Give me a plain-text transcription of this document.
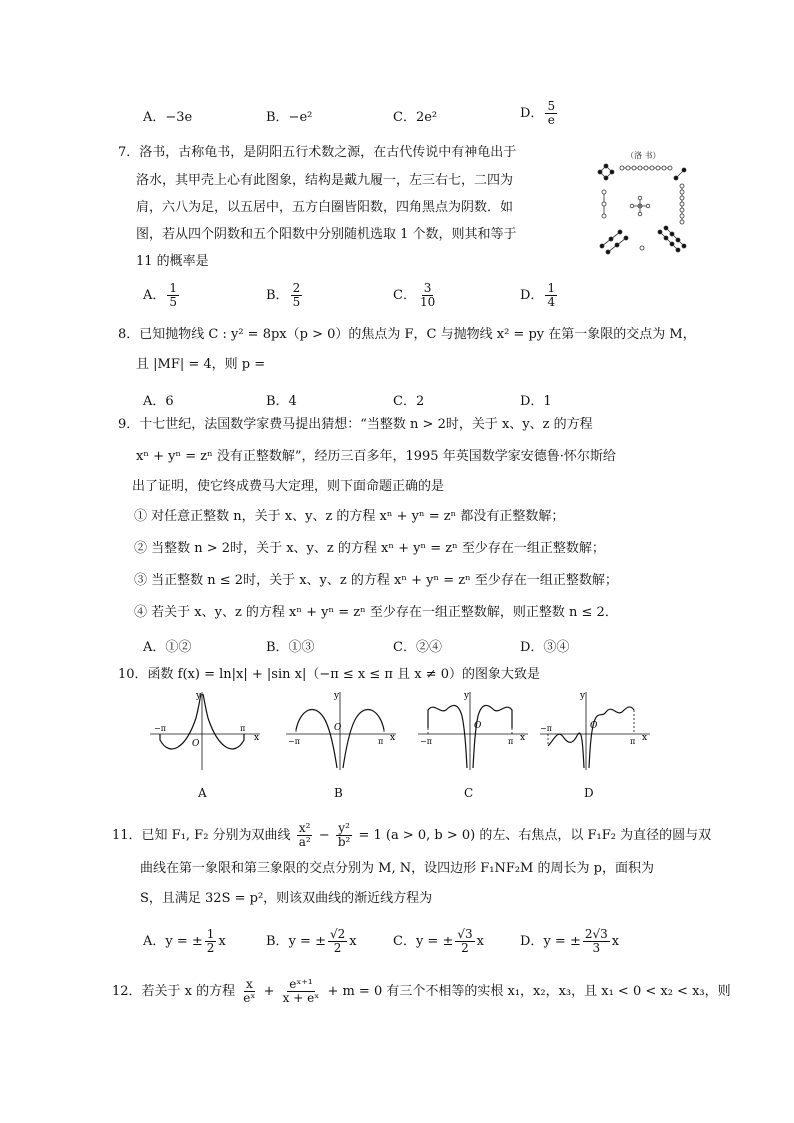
A．−3e	B．−e²	C．2e²	D． $\frac{5}{e}$
7．洛书，古称龟书，是阴阳五行术数之源，在古代传说中有神龟出于
洛水，其甲壳上心有此图象，结构是戴九履一，左三右七，二四为
肩，六八为足，以五居中，五方白圈皆阳数，四角黑点为阴数．如
图，若从四个阴数和五个阳数中分别随机选取 1 个数，则其和等于
11 的概率是
（洛 书）
A． $\frac{1}{5}$	B． $\frac{2}{5}$	C． $\frac{3}{10}$	D． $\frac{1}{4}$
8．已知抛物线 C : y² = 8px（p > 0）的焦点为 F，C 与抛物线 x² = py 在第一象限的交点为 M，
且 |MF| = 4，则 p =
A．6	B．4	C．2	D．1
9．十七世纪，法国数学家费马提出猜想：“当整数 n > 2时，关于 x、y、z 的方程
xⁿ + yⁿ = zⁿ 没有正整数解”，经历三百多年，1995 年英国数学家安德鲁·怀尔斯给
出了证明，使它终成费马大定理，则下面命题正确的是
① 对任意正整数 n，关于 x、y、z 的方程 xⁿ + yⁿ = zⁿ 都没有正整数解；
② 当整数 n > 2时，关于 x、y、z 的方程 xⁿ + yⁿ = zⁿ 至少存在一组正整数解；
③ 当正整数 n ≤ 2时，关于 x、y、z 的方程 xⁿ + yⁿ = zⁿ 至少存在一组正整数解；
④ 若关于 x、y、z 的方程 xⁿ + yⁿ = zⁿ 至少存在一组正整数解，则正整数 n ≤ 2．
A．①②	B．①③	C．②④	D．③④
10．函数 f(x) = ln|x| + |sin x|（−π ≤ x ≤ π 且 x ≠ 0）的图象大致是
y
O
−π	π
x
A
y
O
−π	π x
B
y
O
−π	π x
C
y
O
−π
π x
D
11．已知 F₁, F₂ 分别为双曲线 $\frac{\text{x²}}{\text{a²}} - \frac{\text{y²}}{\text{b²}} = 1$ (a > 0, b > 0) 的左、右焦点，以 F₁F₂ 为直径的圆与双
曲线在第一象限和第三象限的交点分别为 M, N，设四边形 F₁NF₂M 的周长为 p，面积为
S，且满足 32S = p²，则该双曲线的渐近线方程为
A．y = ± $\frac{1}{2}$ x	B．y = ± $\frac{√2}{2}$ x	C．y = ± $\frac{√3}{2}$ x	D．y = ± $\frac{2√3}{3}$ x
12．若关于 x 的方程 $\frac{x}{\text{eˣ}} + \frac{\text{eˣ⁺¹}}{\text{x + eˣ}} + m = 0$ 有三个不相等的实根 x₁，x₂，x₃，且 x₁ < 0 < x₂ < x₃，则
